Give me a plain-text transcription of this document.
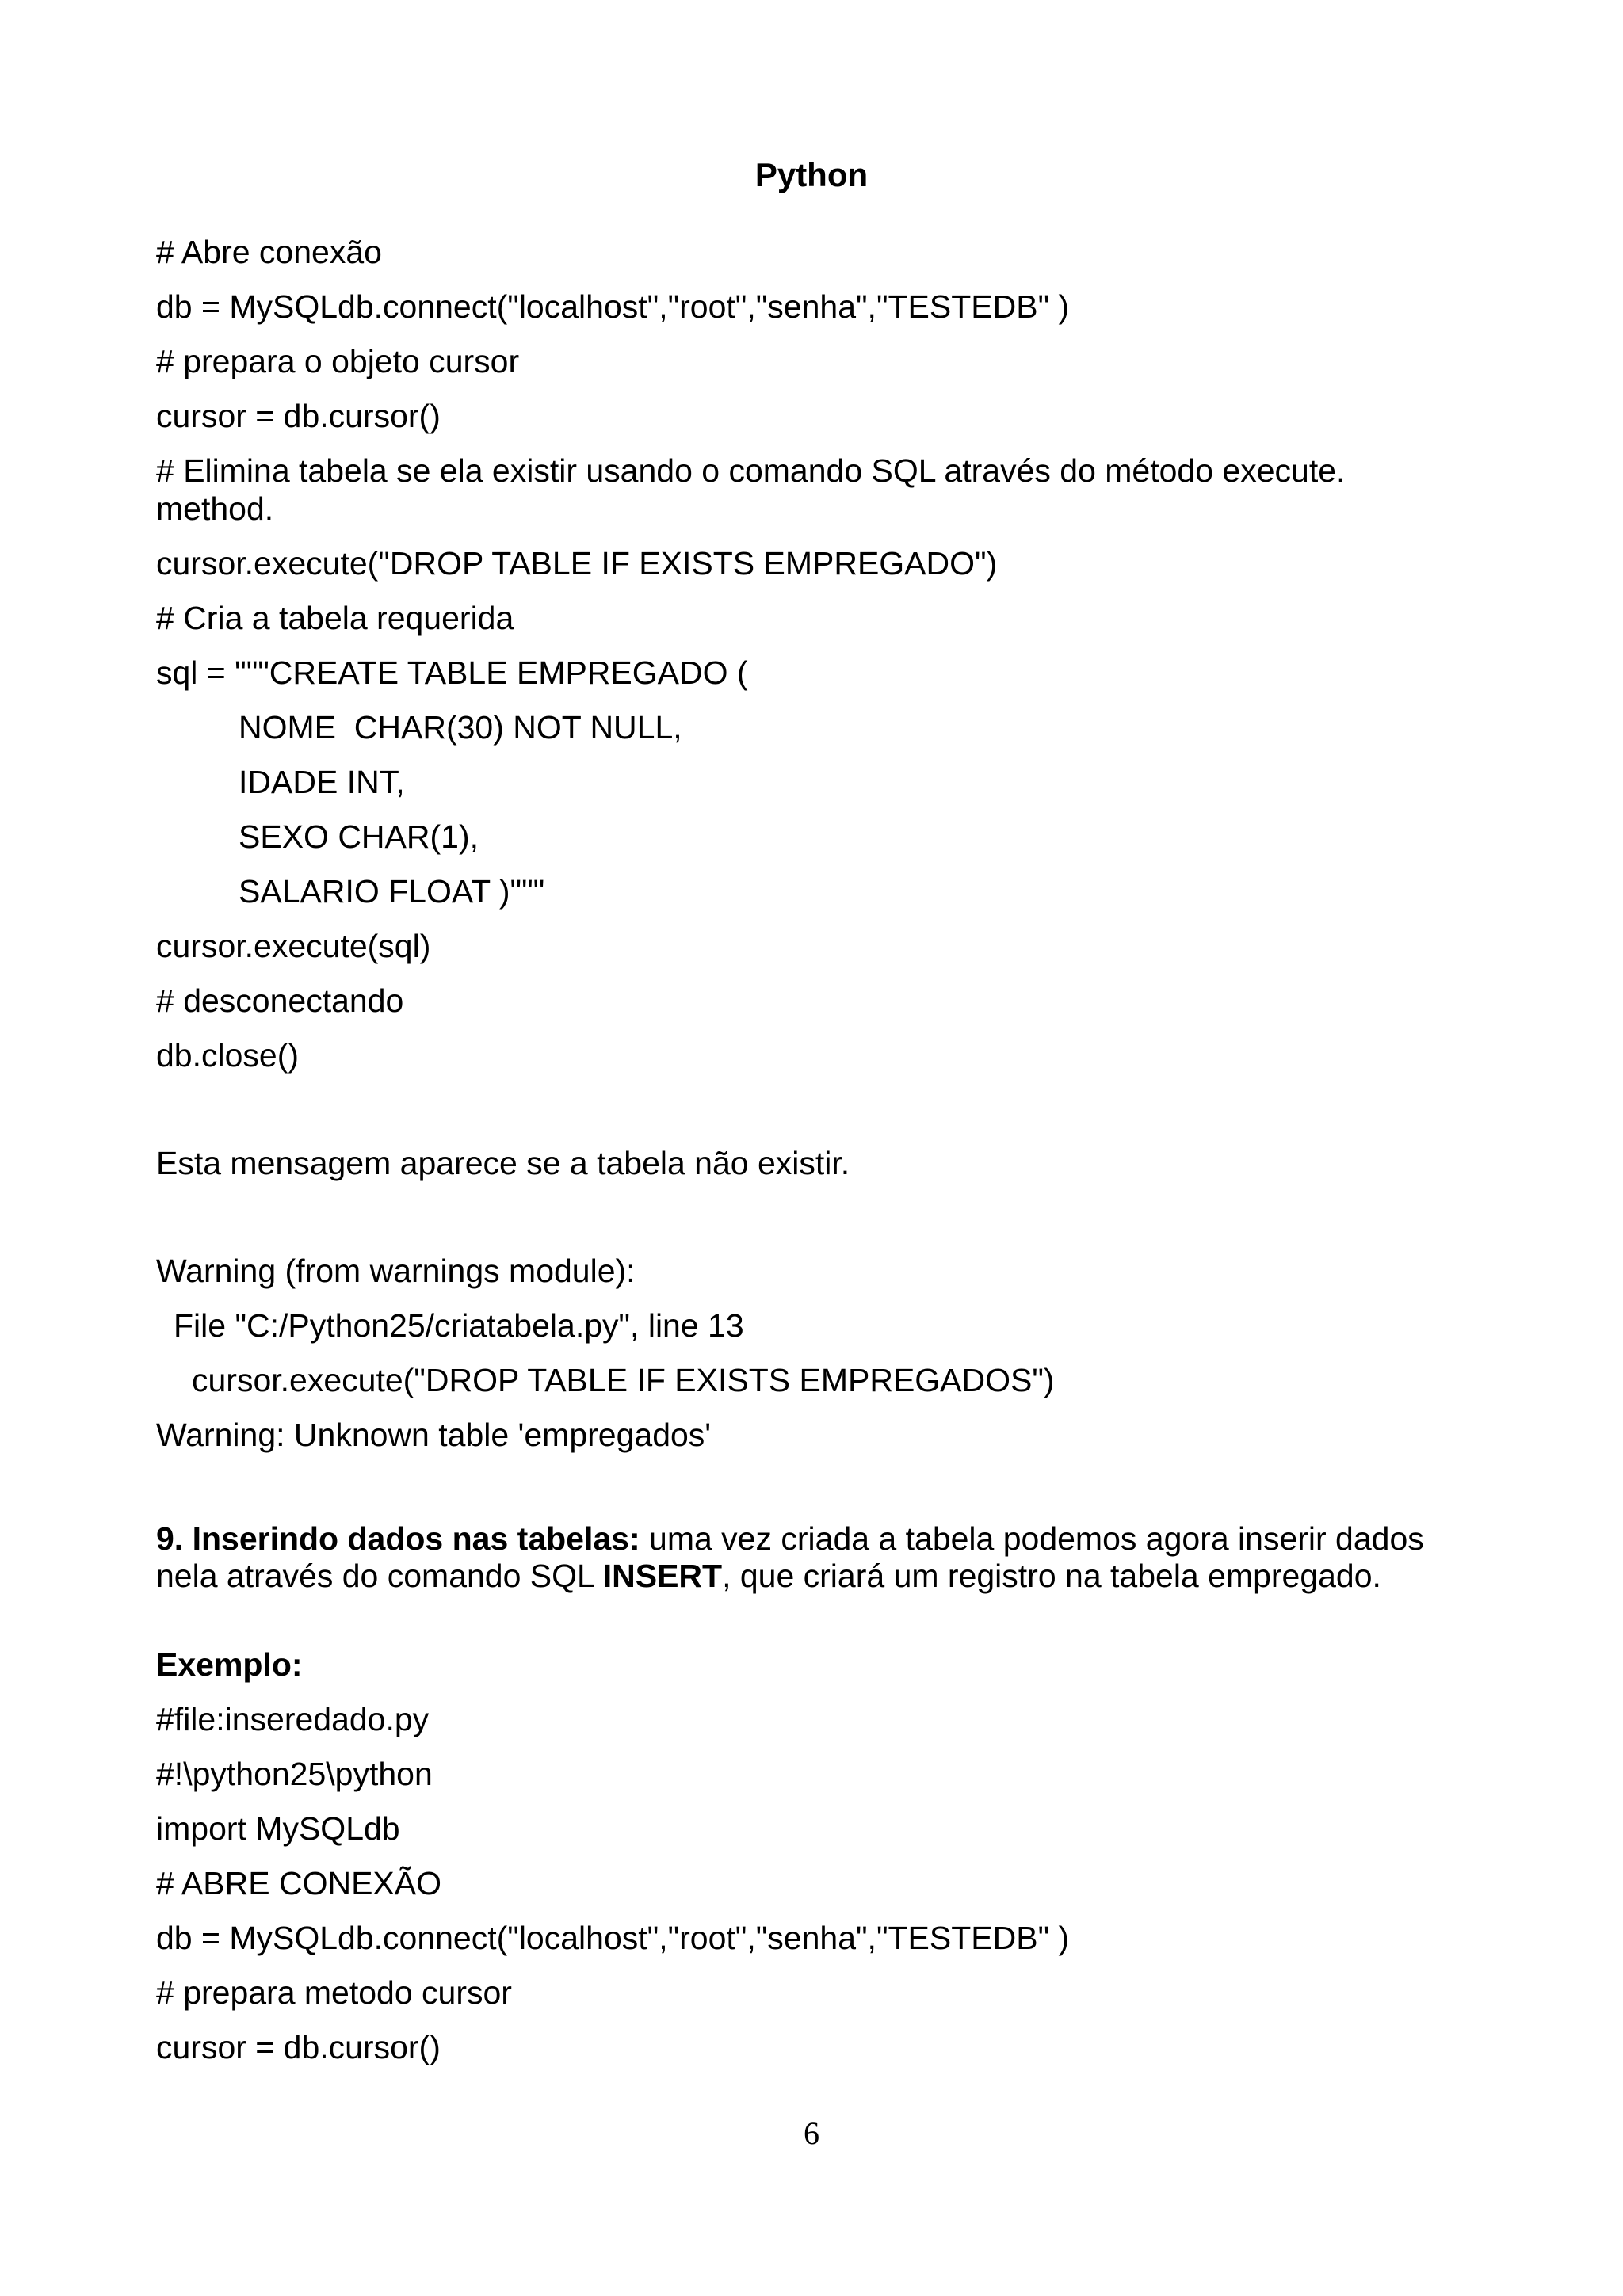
Python
# Abre conexão
db = MySQLdb.connect("localhost","root","senha","TESTEDB" )
# prepara o objeto cursor
cursor = db.cursor()
# Elimina tabela se ela existir usando o comando SQL através do método execute.
method.
cursor.execute("DROP TABLE IF EXISTS EMPREGADO")
# Cria a tabela requerida
sql = """CREATE TABLE EMPREGADO (
NOME  CHAR(30) NOT NULL,
IDADE INT,
SEXO CHAR(1),
SALARIO FLOAT )"""
cursor.execute(sql)
# desconectando
db.close()
Esta mensagem aparece se a tabela não existir.
Warning (from warnings module):
File "C:/Python25/criatabela.py", line 13
cursor.execute("DROP TABLE IF EXISTS EMPREGADOS")
Warning: Unknown table 'empregados'
9. Inserindo dados nas tabelas: uma vez criada a tabela podemos agora inserir dados
nela através do comando SQL INSERT, que criará um registro na tabela empregado.
Exemplo:
#file:inseredado.py
#!\python25\python
import MySQLdb
# ABRE CONEXÃO
db = MySQLdb.connect("localhost","root","senha","TESTEDB" )
# prepara metodo cursor
cursor = db.cursor()
6
